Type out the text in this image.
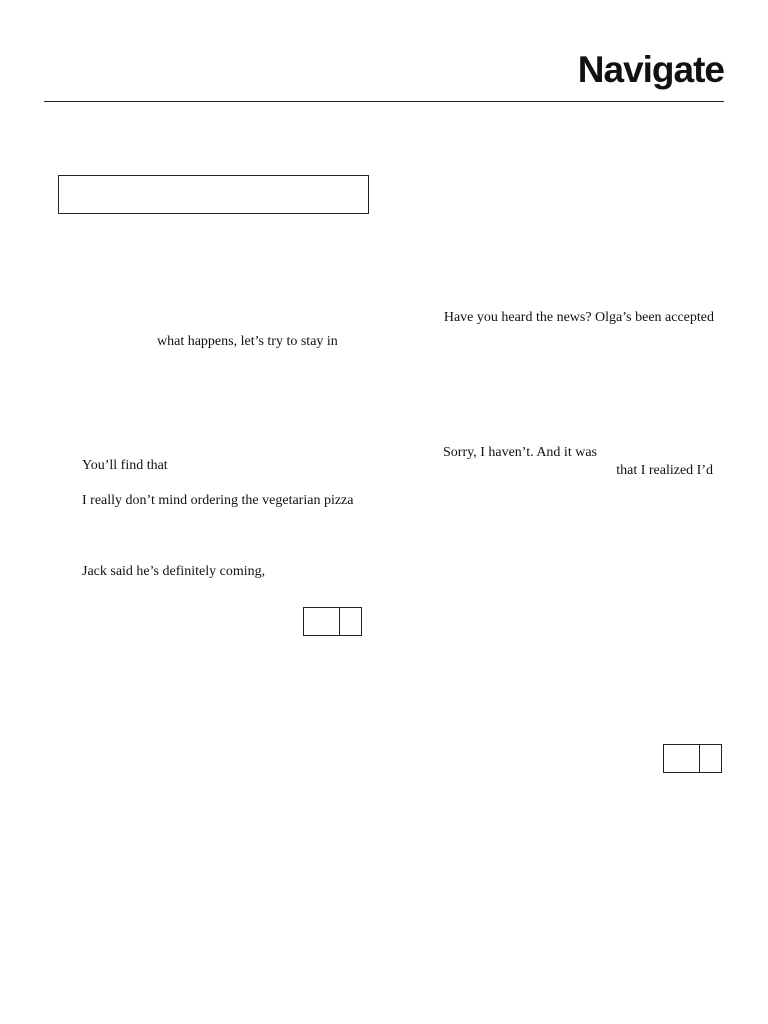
Navigate
what happens, let’s try to stay in
You’ll find that
I really don’t mind ordering the vegetarian pizza
Jack said he’s definitely coming,
Have you heard the news? Olga’s been accepted
Sorry, I haven’t. And it was
that I realized I’d
